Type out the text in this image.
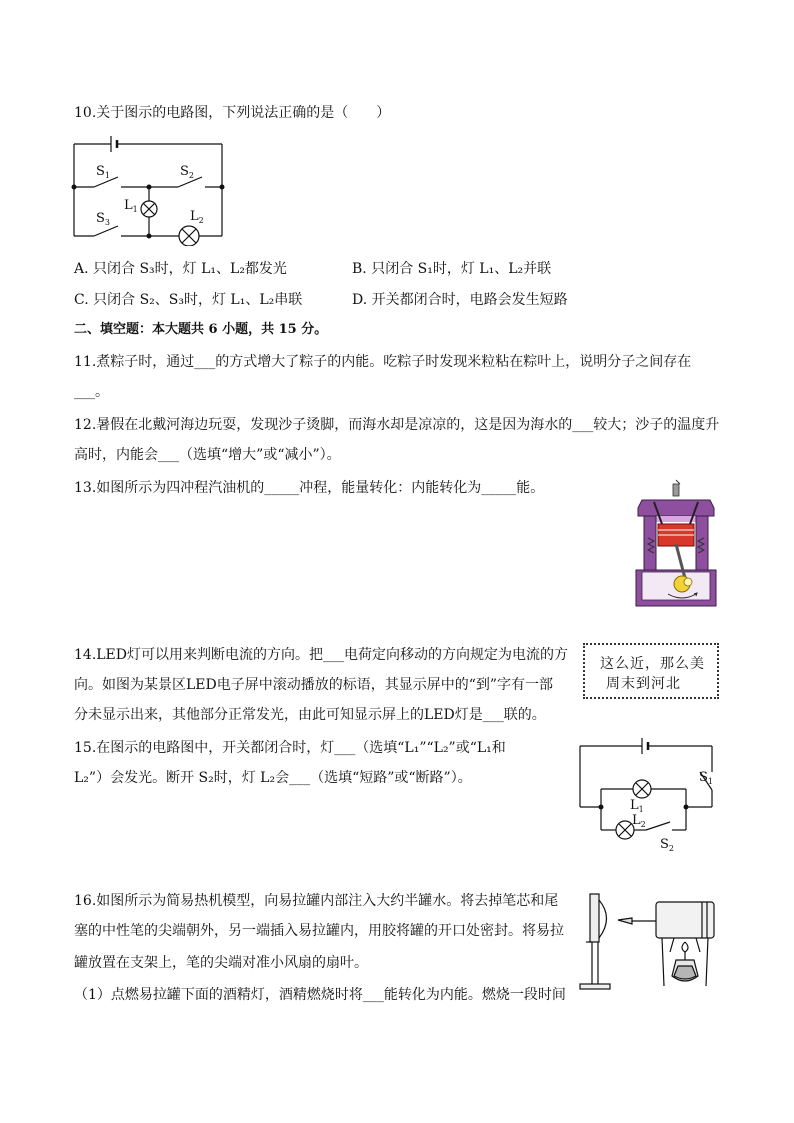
10.关于图示的电路图，下列说法正确的是（　　）
$S_1$	$S_2$
$S_3$
$L_1$	$L_2$
A. 只闭合 S₃时，灯 L₁、L₂都发光	B. 只闭合 S₁时，灯 L₁、L₂并联
C. 只闭合 S₂、S₃时，灯 L₁、L₂串联	D. 开关都闭合时，电路会发生短路
二、填空题：本大题共 6 小题，共 15 分。
11.煮粽子时，通过___的方式增大了粽子的内能。吃粽子时发现米粒粘在粽叶上，说明分子之间存在
___。
12.暑假在北戴河海边玩耍，发现沙子烫脚，而海水却是凉凉的，这是因为海水的___较大；沙子的温度升
高时，内能会___（选填“增大”或“减小”）。
13.如图所示为四冲程汽油机的_____冲程，能量转化：内能转化为_____能。
14.LED灯可以用来判断电流的方向。把___电荷定向移动的方向规定为电流的方
向。如图为某景区LED电子屏中滚动播放的标语，其显示屏中的“到”字有一部
分未显示出来，其他部分正常发光，由此可知显示屏上的LED灯是___联的。
这么近，那么美
周末到河北
15.在图示的电路图中，开关都闭合时，灯___（选填“L₁”“L₂”或“L₁和
L₂”）会发光。断开 S₂时，灯 L₂会___（选填“短路”或“断路”）。	$S_1$
$L_1$
$L_2$
$S_2$
16.如图所示为简易热机模型，向易拉罐内部注入大约半罐水。将去掉笔芯和尾
塞的中性笔的尖端朝外，另一端插入易拉罐内，用胶将罐的开口处密封。将易拉
罐放置在支架上，笔的尖端对准小风扇的扇叶。
（1）点燃易拉罐下面的酒精灯，酒精燃烧时将___能转化为内能。燃烧一段时间
